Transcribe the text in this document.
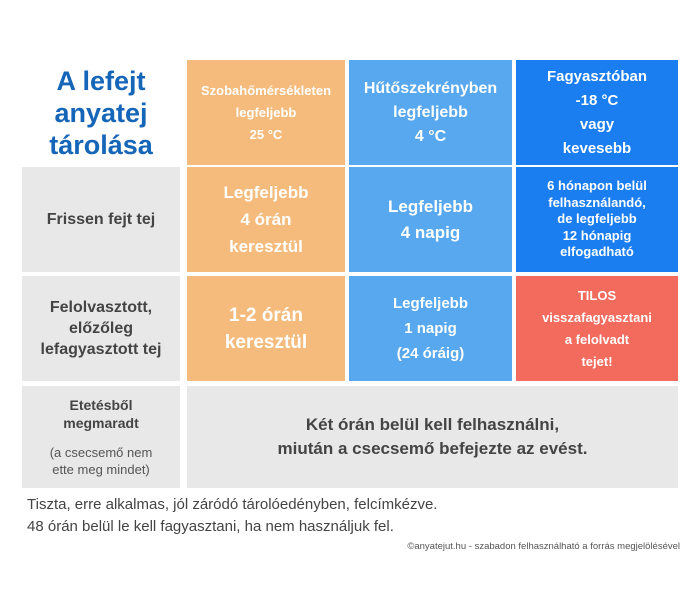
A lefejt
anyatej
tárolása
Szobahőmérsékleten
legfeljebb
25 °C
Hűtőszekrényben
legfeljebb
4 °C
Fagyasztóban
-18 °C
vagy
kevesebb
Frissen fejt tej
Legfeljebb
4 órán
keresztül
Legfeljebb
4 napig
6 hónapon belül
felhasználandó,
de legfeljebb
12 hónapig
elfogadható
Felolvasztott,
előzőleg
lefagyasztott tej
1-2 órán
keresztül
Legfeljebb
1 napig
(24 óráig)
TILOS
visszafagyasztani
a felolvadt
tejet!
Etetésből
megmaradt
(a csecsemő nem
ette meg mindet)
Két órán belül kell felhasználni,
miután a csecsemő befejezte az evést.
Tiszta, erre alkalmas, jól záródó tárolóedényben, felcímkézve.
48 órán belül le kell fagyasztani, ha nem használjuk fel.
©anyatejut.hu - szabadon felhasználható a forrás megjelölésével
